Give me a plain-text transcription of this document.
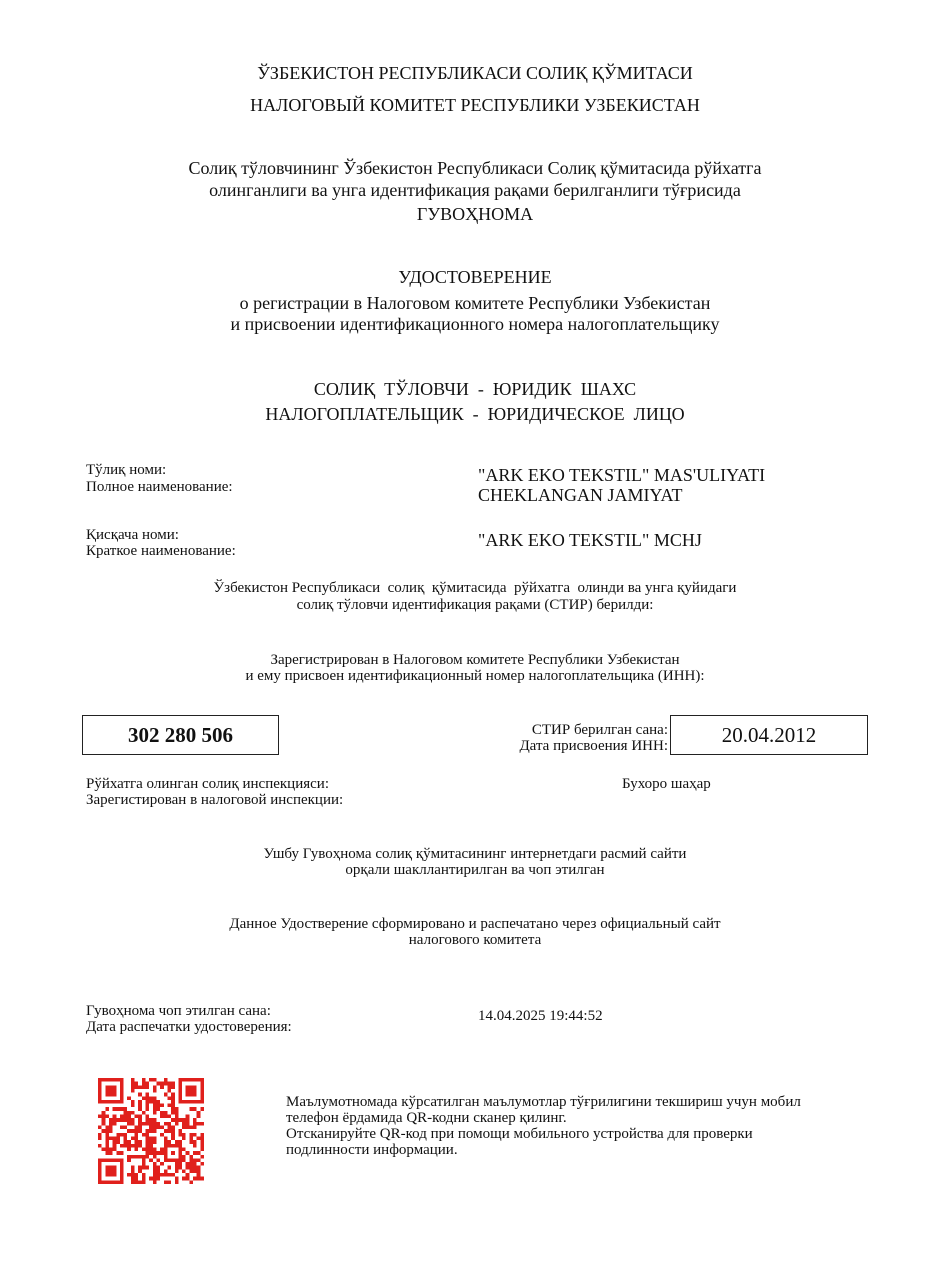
ЎЗБЕКИСТОН РЕСПУБЛИКАСИ СОЛИҚ ҚЎМИТАСИ
НАЛОГОВЫЙ КОМИТЕТ РЕСПУБЛИКИ УЗБЕКИСТАН
Солиқ тўловчининг Ўзбекистон Республикаси Солиқ қўмитасида рўйхатга
олинганлиги ва унга идентификация рақами берилганлиги тўғрисида
ГУВОҲНОМА
УДОСТОВЕРЕНИЕ
о регистрации в Налоговом комитете Республики Узбекистан
и присвоении идентификационного номера налогоплательщику
СОЛИҚ  ТЎЛОВЧИ  -  ЮРИДИК  ШАХС
НАЛОГОПЛАТЕЛЬЩИК  -  ЮРИДИЧЕСКОЕ  ЛИЦО
Тўлиқ номи:
Полное наименование:
"ARK EKO TEKSTIL" MAS'ULIYATI
CHEKLANGAN JAMIYAT
Қисқача номи:
Краткое наименование:
"ARK EKO TEKSTIL" MCHJ
Ўзбекистон Республикаси  солиқ  қўмитасида  рўйхатга  олинди ва унга қуйидаги
солиқ тўловчи идентификация рақами (СТИР) берилди:
Зарегистрирован в Налоговом комитете Республики Узбекистан
и ему присвоен идентификационный номер налогоплательщика (ИНН):
302 280 506	СТИР берилган сана:
Дата присвоения ИНН:	20.04.2012
Рўйхатга олинган солиқ инспекцияси:
Зарегистирован в налоговой инспекции:
Бухоро шаҳар
Ушбу Гувоҳнома солиқ қўмитасининг интернетдаги расмий сайти
орқали шакллантирилган ва чоп этилган
Данное Удостверение сформировано и распечатано через официальный сайт
налогового комитета
Гувоҳнома чоп этилган сана:
Дата распечатки удостоверения:
14.04.2025 19:44:52
Маълумотномада кўрсатилган маълумотлар тўғрилигини текшириш учун мобил
телефон ёрдамида QR-кодни сканер қилинг.
Отсканируйте QR-код при помощи мобильного устройства для проверки
подлинности информации.
